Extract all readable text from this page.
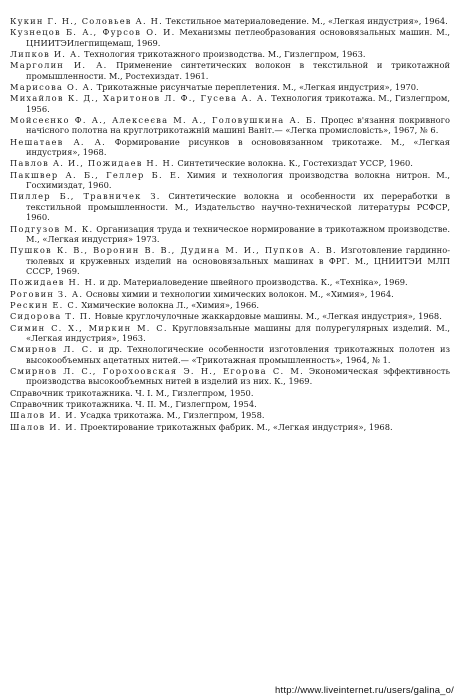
Кукин Г. Н., Соловьев А. Н. Текстильное материаловедение. М., «Легкая индустрия», 1964.
Кузнецов Б. А., Фурсов О. И. Механизмы петлеобразования основовязальных машин. М., ЦНИИТЭИлегпищемаш, 1969.
Липков И. А. Технология трикотажного производства. М., Гизлегпром, 1963.
Марголин И. А. Применение синтетических волокон в текстильной и трикотажной промышленности. М., Ростехиздат. 1961.
Марисова О. А. Трикотажные рисунчатые переплетения. М., «Легкая индустрия», 1970.
Михайлов К. Д., Харитонов Л. Ф., Гусева А. А. Технология трикотажа. М., Гизлегпром, 1956.
Мойсеєнко Ф. А., Алексеєва М. А., Головушкина А. Б. Процес в'язання покривного начісного полотна на круглотрикотажній машині Ванiт.— «Легка промисловiсть», 1967, № 6.
Нешатаев А. А. Формирование рисунков в основовязанном трикотаже. М., «Легкая индустрия», 1968.
Павлов А. И., Пожидаев Н. Н. Синтетические волокна. К., Гостехиздат УССР, 1960.
Пакшвер А. Б., Геллер Б. Е. Химия и технология производства волокна нитрон. М., Госхимиздат, 1960.
Пиллер Б., Травничек З. Синтетические волокна и особенности их переработки в текстильной промышленности. М., Издательство научно-технической литературы РСФСР, 1960.
Подгузов М. К. Организация труда и техническое нормирование в трикотажном производстве. М., «Легкая индустрия» 1973.
Пушков К. В., Воронин В. В., Дудина М. И., Пупков А. В. Изготовление гардинно-тюлевых и кружевных изделий на основовязальных машинах в ФРГ. М., ЦНИИТЭИ МЛП СССР, 1969.
Пожидаев Н. Н. и др. Материаловедение швейного производства. К., «Техніка», 1969.
Роговин З. А. Основы химии и технологии химических волокон. М., «Химия», 1964.
Рескин Е. С. Химические волокна Л., «Химия», 1966.
Сидорова Т. П. Новые круглочулочные жаккардовые машины. М., «Легкая индустрия», 1968.
Симин С. Х., Миркин М. С. Кругловязальные машины для полурегулярных изделий. М., «Легкая индустрия», 1963.
Смирнов Л. С. и др. Технологические особенности изготовления трикотажных полотен из высокообъемных ацетатных нитей.— «Трикотажная промышленность», 1964, № 1.
Смирнов Л. С., Горохоовская Э. Н., Егорова С. М. Экономическая эффективность производства высокообъемных нитей в изделий из них. К., 1969.
Справочник трикотажника. Ч. I. М., Гизлегпром, 1950.
Справочник трикотажника. Ч. II. М., Гизлегпром, 1954.
Шалов И. И. Усадка трикотажа. М., Гизлегпром, 1958.
Шалов И. И. Проектирование трикотажных фабрик. М., «Легкая индустрия», 1968.
http://www.liveinternet.ru/users/galina_o/
